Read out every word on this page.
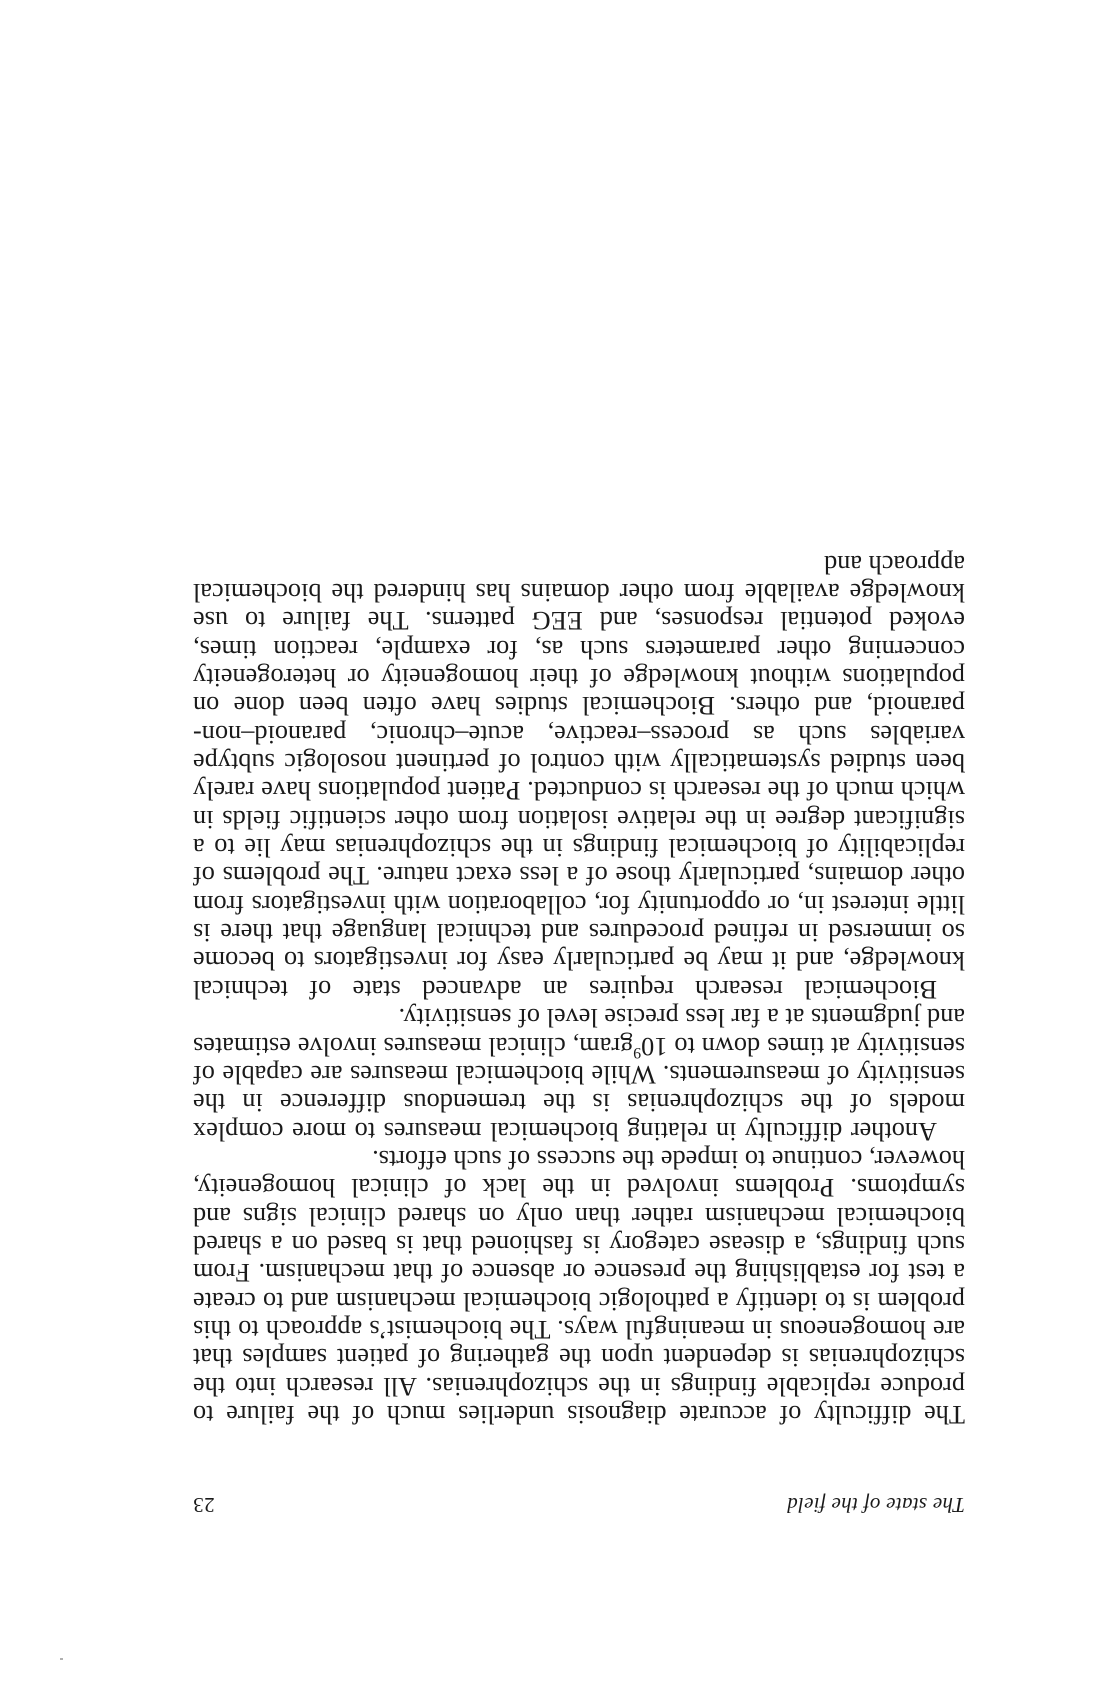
The state of the field
23

The difficulty of accurate diagnosis underlies much of the failure to produce replicable findings in the schizophrenias. All research into the schizophrenias is dependent upon the gathering of patient samples that are homogeneous in meaningful ways. The biochemist’s approach to this problem is to identify a pathologic biochemical mechanism and to create a test for establishing the presence or absence of that mechanism. From such findings, a disease category is fashioned that is based on a shared biochemical mechanism rather than only on shared clinical signs and symptoms. Problems involved in the lack of clinical homogeneity, however, continue to impede the success of such efforts.

Another difficulty in relating biochemical measures to more complex models of the schizophrenias is the tremendous difference in the sensitivity of measurements. While biochemical measures are capable of sensitivity at times down to $10^9gram$, clinical measures involve estimates and judgments at a far less precise level of sensitivity.

Biochemical research requires an advanced state of technical knowledge, and it may be particularly easy for investigators to become so immersed in refined procedures and technical language that there is little interest in, or opportunity for, collaboration with investigators from other domains, particularly those of a less exact nature. The problems of replicability of biochemical findings in the schizophrenias may lie to a significant degree in the relative isolation from other scientific fields in which much of the research is conducted. Patient populations have rarely been studied systematically with control of pertinent nosologic subtype variables such as process–reactive, acute–chronic, paranoid–nonparanoid, and others. Biochemical studies have often been done on populations without knowledge of their homogeneity or heterogeneity concerning other parameters such as, for example, reaction times, evoked potential responses, and EEG patterns. The failure to use knowledge available from other domains has hindered the biochemical approach and
